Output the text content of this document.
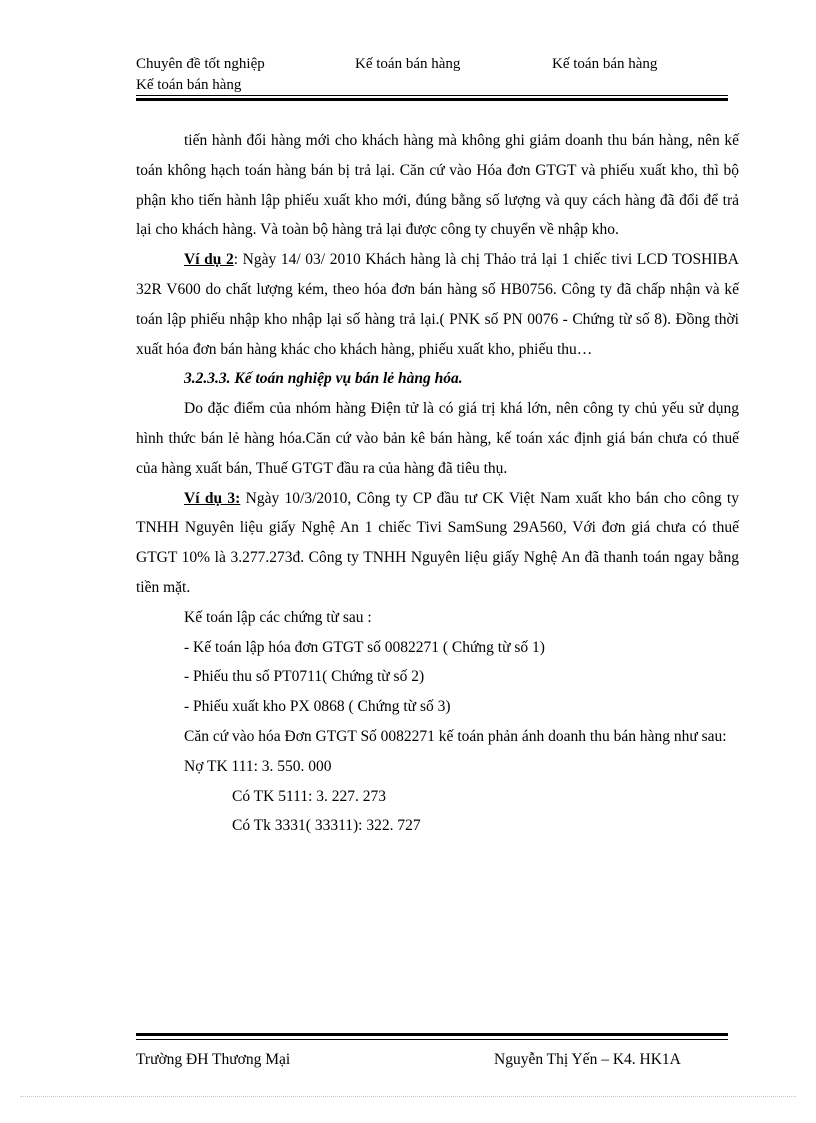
Chuyên đề tốt nghiệp	Kế toán bán hàng	Kế toán bán hàng
Kế toán bán hàng

tiến hành đổi hàng mới cho khách hàng mà không ghi giảm doanh thu bán hàng, nên kế toán không hạch toán hàng bán bị trả lại. Căn cứ vào Hóa đơn GTGT và phiếu xuất kho, thì bộ phận kho tiến hành lập phiếu xuất kho mới, đúng bằng số lượng và quy cách hàng đã đổi để trả lại cho khách hàng. Và toàn bộ hàng trả lại được công ty chuyển về nhập kho.

Ví dụ 2: Ngày 14/ 03/ 2010 Khách hàng là chị Thảo trả lại 1 chiếc tivi LCD TOSHIBA 32R V600 do chất lượng kém, theo hóa đơn bán hàng số HB0756. Công ty đã chấp nhận và kế toán lập phiếu nhập kho nhập lại số hàng trả lại.( PNK số PN 0076 - Chứng từ số 8). Đồng thời xuất hóa đơn bán hàng khác cho khách hàng, phiếu xuất kho, phiếu thu…

3.2.3.3. Kế toán nghiệp vụ bán lẻ hàng hóa.

Do đặc điểm của nhóm hàng Điện tử là có giá trị khá lớn, nên công ty chủ yếu sử dụng hình thức bán lẻ hàng hóa.Căn cứ vào bản kê bán hàng, kế toán xác định giá bán chưa có thuế của hàng xuất bán, Thuế GTGT đầu ra của hàng đã tiêu thụ.

Ví dụ 3: Ngày 10/3/2010, Công ty CP đầu tư CK Việt Nam xuất kho bán cho công ty TNHH Nguyên liệu giấy Nghệ An 1 chiếc Tivi SamSung 29A560, Với đơn giá chưa có thuế GTGT 10% là 3.277.273đ. Công ty TNHH Nguyên liệu giấy Nghệ An đã thanh toán ngay bằng tiền mặt.

Kế toán lập các chứng từ sau :

- Kế toán lập hóa đơn GTGT số 0082271 ( Chứng từ số 1)

- Phiếu thu số PT0711( Chứng từ số 2)

- Phiếu xuất kho PX 0868 ( Chứng từ số 3)

Căn cứ vào hóa Đơn GTGT Số 0082271 kế toán phản ánh doanh thu bán hàng như sau:

Nợ TK 111: 3. 550. 000

Có TK 5111: 3. 227. 273

Có Tk 3331( 33311): 322. 727

Trường ĐH Thương Mại	Nguyễn Thị Yến – K4. HK1A
